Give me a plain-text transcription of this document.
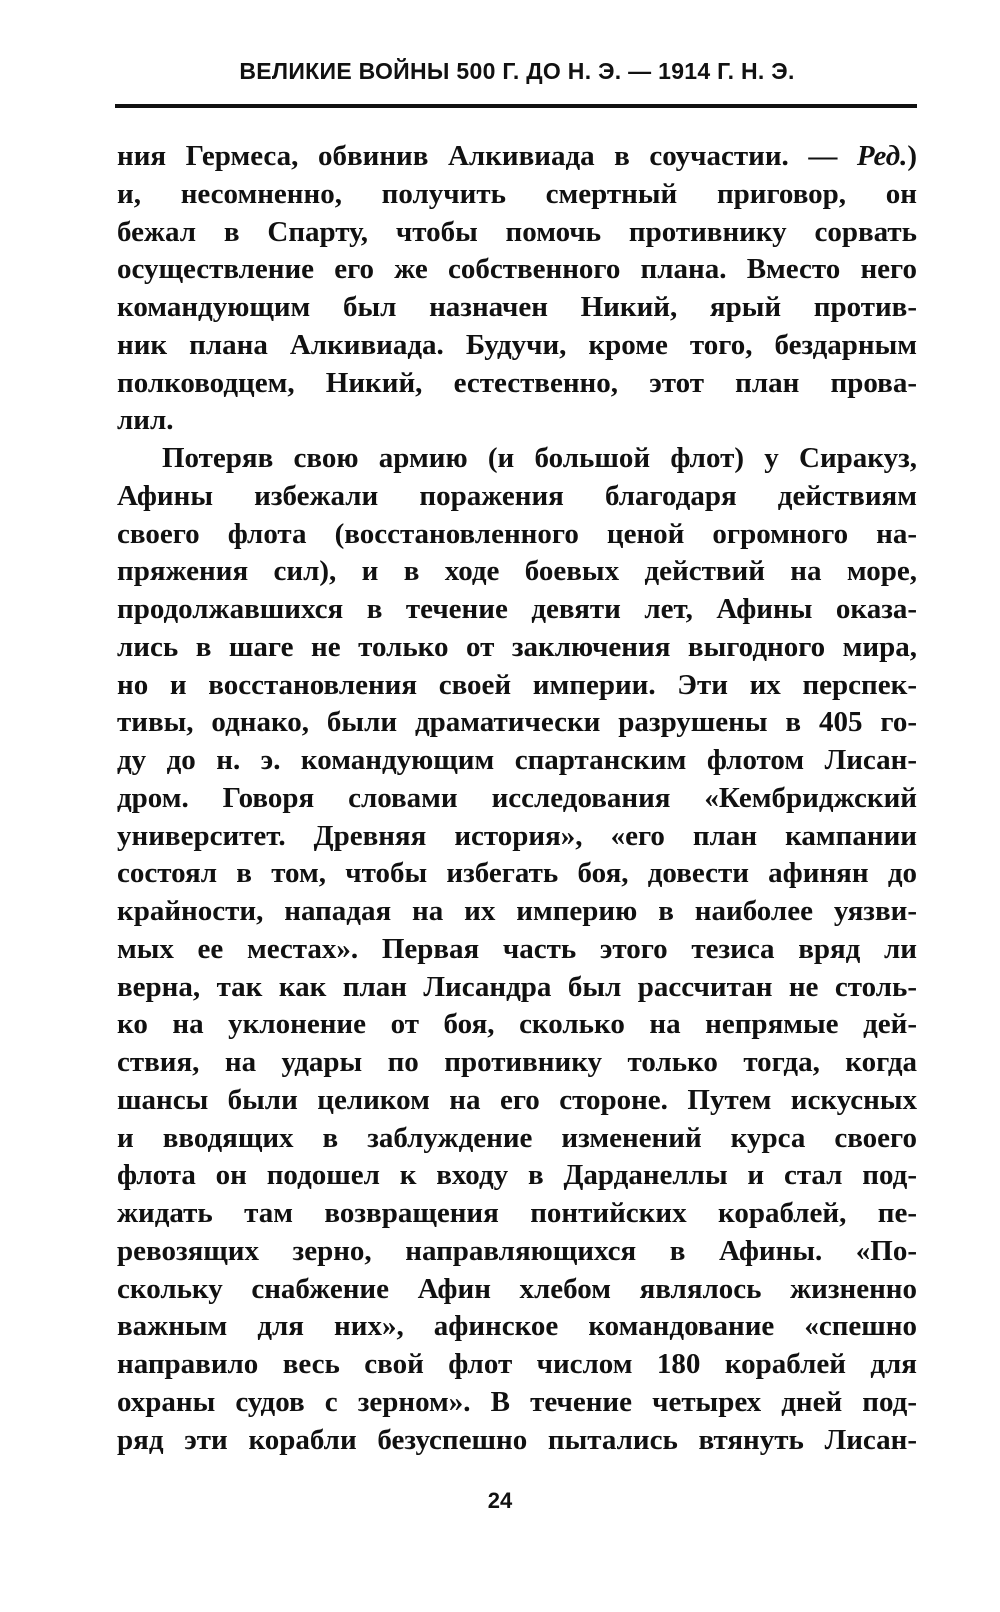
ВЕЛИКИЕ ВОЙНЫ 500 Г. ДО Н. Э. — 1914 Г. Н. Э.
ния Гермеса, обвинив Алкивиада в соучастии. — Ред.)
и, несомненно, получить смертный приговор, он
бежал в Спарту, чтобы помочь противнику сорвать
осуществление его же собственного плана. Вместо него
командующим был назначен Никий, ярый против-
ник плана Алкивиада. Будучи, кроме того, бездарным
полководцем, Никий, естественно, этот план прова-
лил.
Потеряв свою армию (и большой флот) у Сиракуз,
Афины избежали поражения благодаря действиям
своего флота (восстановленного ценой огромного на-
пряжения сил), и в ходе боевых действий на море,
продолжавшихся в течение девяти лет, Афины оказа-
лись в шаге не только от заключения выгодного мира,
но и восстановления своей империи. Эти их перспек-
тивы, однако, были драматически разрушены в 405 го-
ду до н. э. командующим спартанским флотом Лисан-
дром. Говоря словами исследования «Кембриджский
университет. Древняя история», «его план кампании
состоял в том, чтобы избегать боя, довести афинян до
крайности, нападая на их империю в наиболее уязви-
мых ее местах». Первая часть этого тезиса вряд ли
верна, так как план Лисандра был рассчитан не столь-
ко на уклонение от боя, сколько на непрямые дей-
ствия, на удары по противнику только тогда, когда
шансы были целиком на его стороне. Путем искусных
и вводящих в заблуждение изменений курса своего
флота он подошел к входу в Дарданеллы и стал под-
жидать там возвращения понтийских кораблей, пе-
ревозящих зерно, направляющихся в Афины. «По-
скольку снабжение Афин хлебом являлось жизненно
важным для них», афинское командование «спешно
направило весь свой флот числом 180 кораблей для
охраны судов с зерном». В течение четырех дней под-
ряд эти корабли безуспешно пытались втянуть Лисан-
24
